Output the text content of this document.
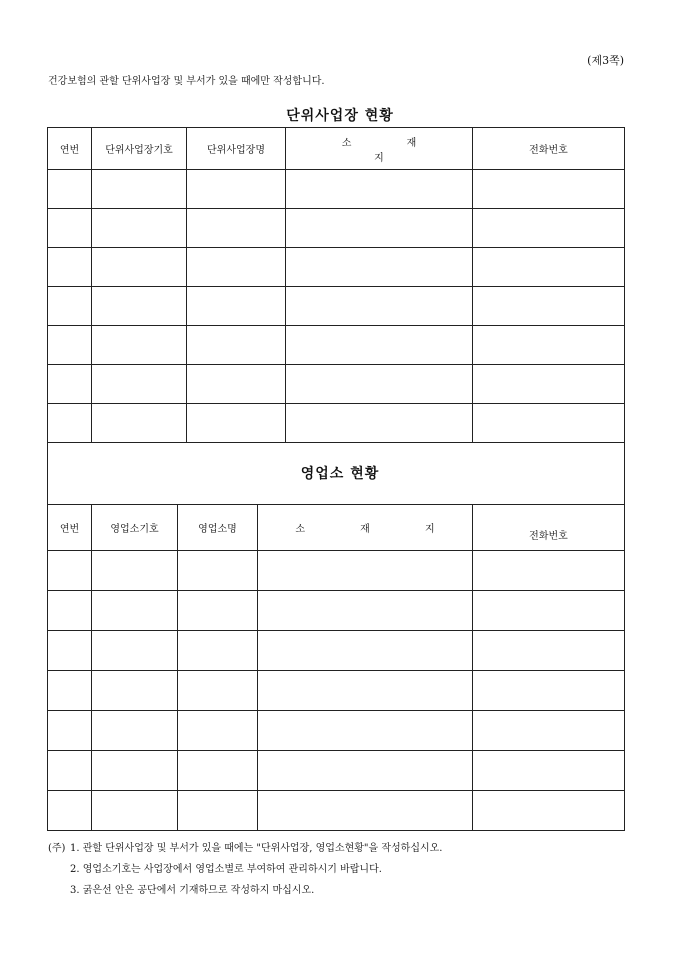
(제3쪽)
건강보험의 관할 단위사업장 및 부서가 있을 때에만 작성합니다.
단위사업장 현황
연번	단위사업장기호	단위사업장명	소 재 지	전화번호

영업소 현황
연번	영업소기호	영업소명	소 재 지	전화번호

(주) 1. 관할 단위사업장 및 부서가 있을 때에는 "단위사업장, 영업소현황"을 작성하십시오.
2. 영업소기호는 사업장에서 영업소별로 부여하여 관리하시기 바랍니다.
3. 굵은선 안은 공단에서 기재하므로 작성하지 마십시오.
